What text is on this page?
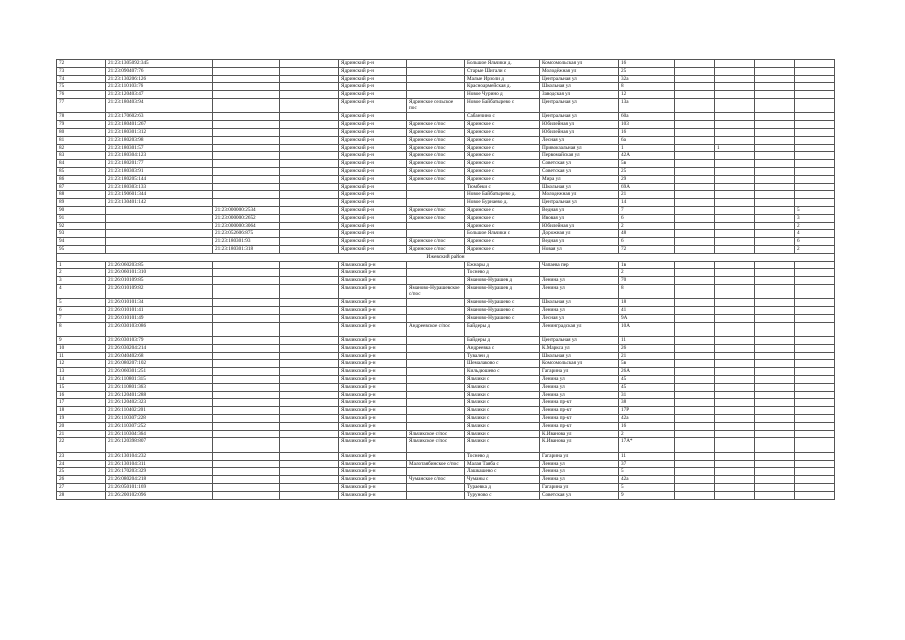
72	21:23:1305092:345			Ядринский р-н		Большое Яльчики д.	Комсомольская ул	16				
73	21:23:090407:76			Ядринский р-н		Старые Шигали с	Молодёжная ул	25				
74	21:23:130206:126			Ядринский р-н		Малые Ирзоли д	Центральная ул	32а				
75	21:23:110103:76			Ядринский р-н		Красноармейская д.	Школьная ул	8				
76	21:23:120403:47			Ядринский р-н		Новое Чурино д	Заводская ул	12				
77	21:23:180403:94			Ядринский р-н	Ядринское сельское пос	Новое Байбатырево с	Центральная ул	13а				
78	21:23:170602:63			Ядринский р-н		Сабанчино с	Центральная ул	60а				
79	21:23:180401:267			Ядринский р-н	Ядринское с/пос	Ядринское с	Юбилейная ул	103				
80	21:23:180301:312			Ядринский р-н	Ядринское с/пос	Ядринское с	Юбилейная ул	16				
81	21:23:180203:98			Ядринский р-н	Ядринское с/пос	Ядринское с	Лесная ул	6а				
82	21:23:180301:57			Ядринский р-н	Ядринское с/пос	Ядринское с	Привокзальная ул	1		1		
83	21:23:180304:123			Ядринский р-н	Ядринское с/пос	Ядринское с	Первомайская ул	42А				
84	21:23:180201:77			Ядринский р-н	Ядринское с/пос	Ядринское с	Советская ул	5в				
85	21:23:180303:91			Ядринский р-н	Ядринское с/пос	Ядринское с	Советская ул	25				
86	21:23:180205:144			Ядринский р-н	Ядринское с/пос	Ядринское с	Мира ул	29				
87	21:23:180303:133			Ядринский р-н		Тюмбеки с	Школьная ул	69А				
88	21:23:190601:344			Ядринский р-н		Новое Байбатырево д.	Молодежная ул	21				
89	21:23:130401:142			Ядринский р-н		Новое Бурнаево д.	Центральная ул	14				
90		21:23:000000:2534		Ядринский р-н	Ядринское с/пос	Ядринское с	Ведная ул	7				5
91		21:23:000000:2652		Ядринский р-н	Ядринское с/пос	Ядринское с	Ивовая ул	6				3
92		21:23:000000:3064		Ядринский р-н		Ядринское с	Юбилейная ул	2				2
93		21:23:052606:875		Ядринский р-н		Большое Яльчики с	Дорожная ул	48				4
94		21:23:180301:93		Ядринский р-н	Ядринское с/пос	Ядринское с	Ведная ул	6				6
95		21:23:180301:318		Ядринский р-н	Ядринское с/пос	Ядринское с	Новая ул	72				2
Ижевский район												
1	21:26:060203:85			Яльчикский р-н		Ежнары д	Чапаева пер	1в				
2	21:26:060101:310			Яльчикский р-н		Тоснево д		2				
3	21:26:010109:85			Яльчикский р-н		Яманово-Нурашев д	Ленина ул	70				
4	21:26:010109:82			Яльчикский р-н	Яманово-Нурашевское с/пос	Яманово-Нурашев д	Ленина ул	8				
5	21:26:010101:34			Яльчикский р-н		Яманово-Нурашево с	Школьная ул	18				
6	21:26:010101:41			Яльчикский р-н		Яманово-Нурашево с	Ленина ул	41				
7	21:26:010101:49			Яльчикский р-н		Яманово-Нурашево с	Лесная ул	9А				
8	21:26:030103:086			Яльчикский р-н	Андреевское с/пос	Байдеры д	Ленинградская ул	10А				
9	21:26:030103:79			Яльчикский р-н		Байдеры д	Центральная ул	11				
10	21:26:030204:214			Яльчикский р-н		Андреевка с	К.Маркса ул	26				
11	21:26:040402:68			Яльчикский р-н		Тувалеи д	Школьная ул	21				
12	21:26:080207:102			Яльчикский р-н		Шемалаково с	Комсомольская ул	5в				
13	21:26:060301:251			Яльчикский р-н		Кильдюшево с	Гагарина ул	26А				
14	21:26:110801:315			Яльчикский р-н		Яльчики с	Ленина ул	45				
15	21:26:110801:363			Яльчикский р-н		Яльчики с	Ленина ул	45				
16	21:26:120401:288			Яльчикский р-н		Яльчики с	Ленина ул	31				
17	21:26:120402:323			Яльчикский р-н		Яльчики с	Ленина пр-кт	38				
18	21:26:110402:201			Яльчикский р-н		Яльчики с	Ленина пр-кт	17Р				
19	21:26:110307:228			Яльчикский р-н		Яльчики с	Ленина пр-кт	42а				
20	21:26:110307:252			Яльчикский р-н		Яльчики с	Ленина пр-кт	16				
21	21:26:110304:364			Яльчикский р-н	Яльчикское с/пос	Яльчики с	К.Иванова ул	2				
22	21:26:120398:807			Яльчикский р-н	Яльчикское с/пос	Яльчики с	К.Иванова ул	17А*				
23	21:26:130104:232			Яльчикский р-н		Тоснево д	Гагарина ул	11				
24	21:26:130104:311			Яльчикский р-н	Малотаябинское с/пос	Малая Таяба с	Ленина ул	37				
25	21:26:170203:329			Яльчикский р-н		Лашкашево с	Ленина ул	5				
26	21:26:080204:218			Яльчикский р-н	Чуманское с/пос	Чуманы с	Ленина ул	42а				
27	21:26:050101:169			Яльчикский р-н		Тураевка д	Гагарина ул	5				
28	21:26:200102:096			Яльчикский р-н		Туруново с	Советская ул	9				
